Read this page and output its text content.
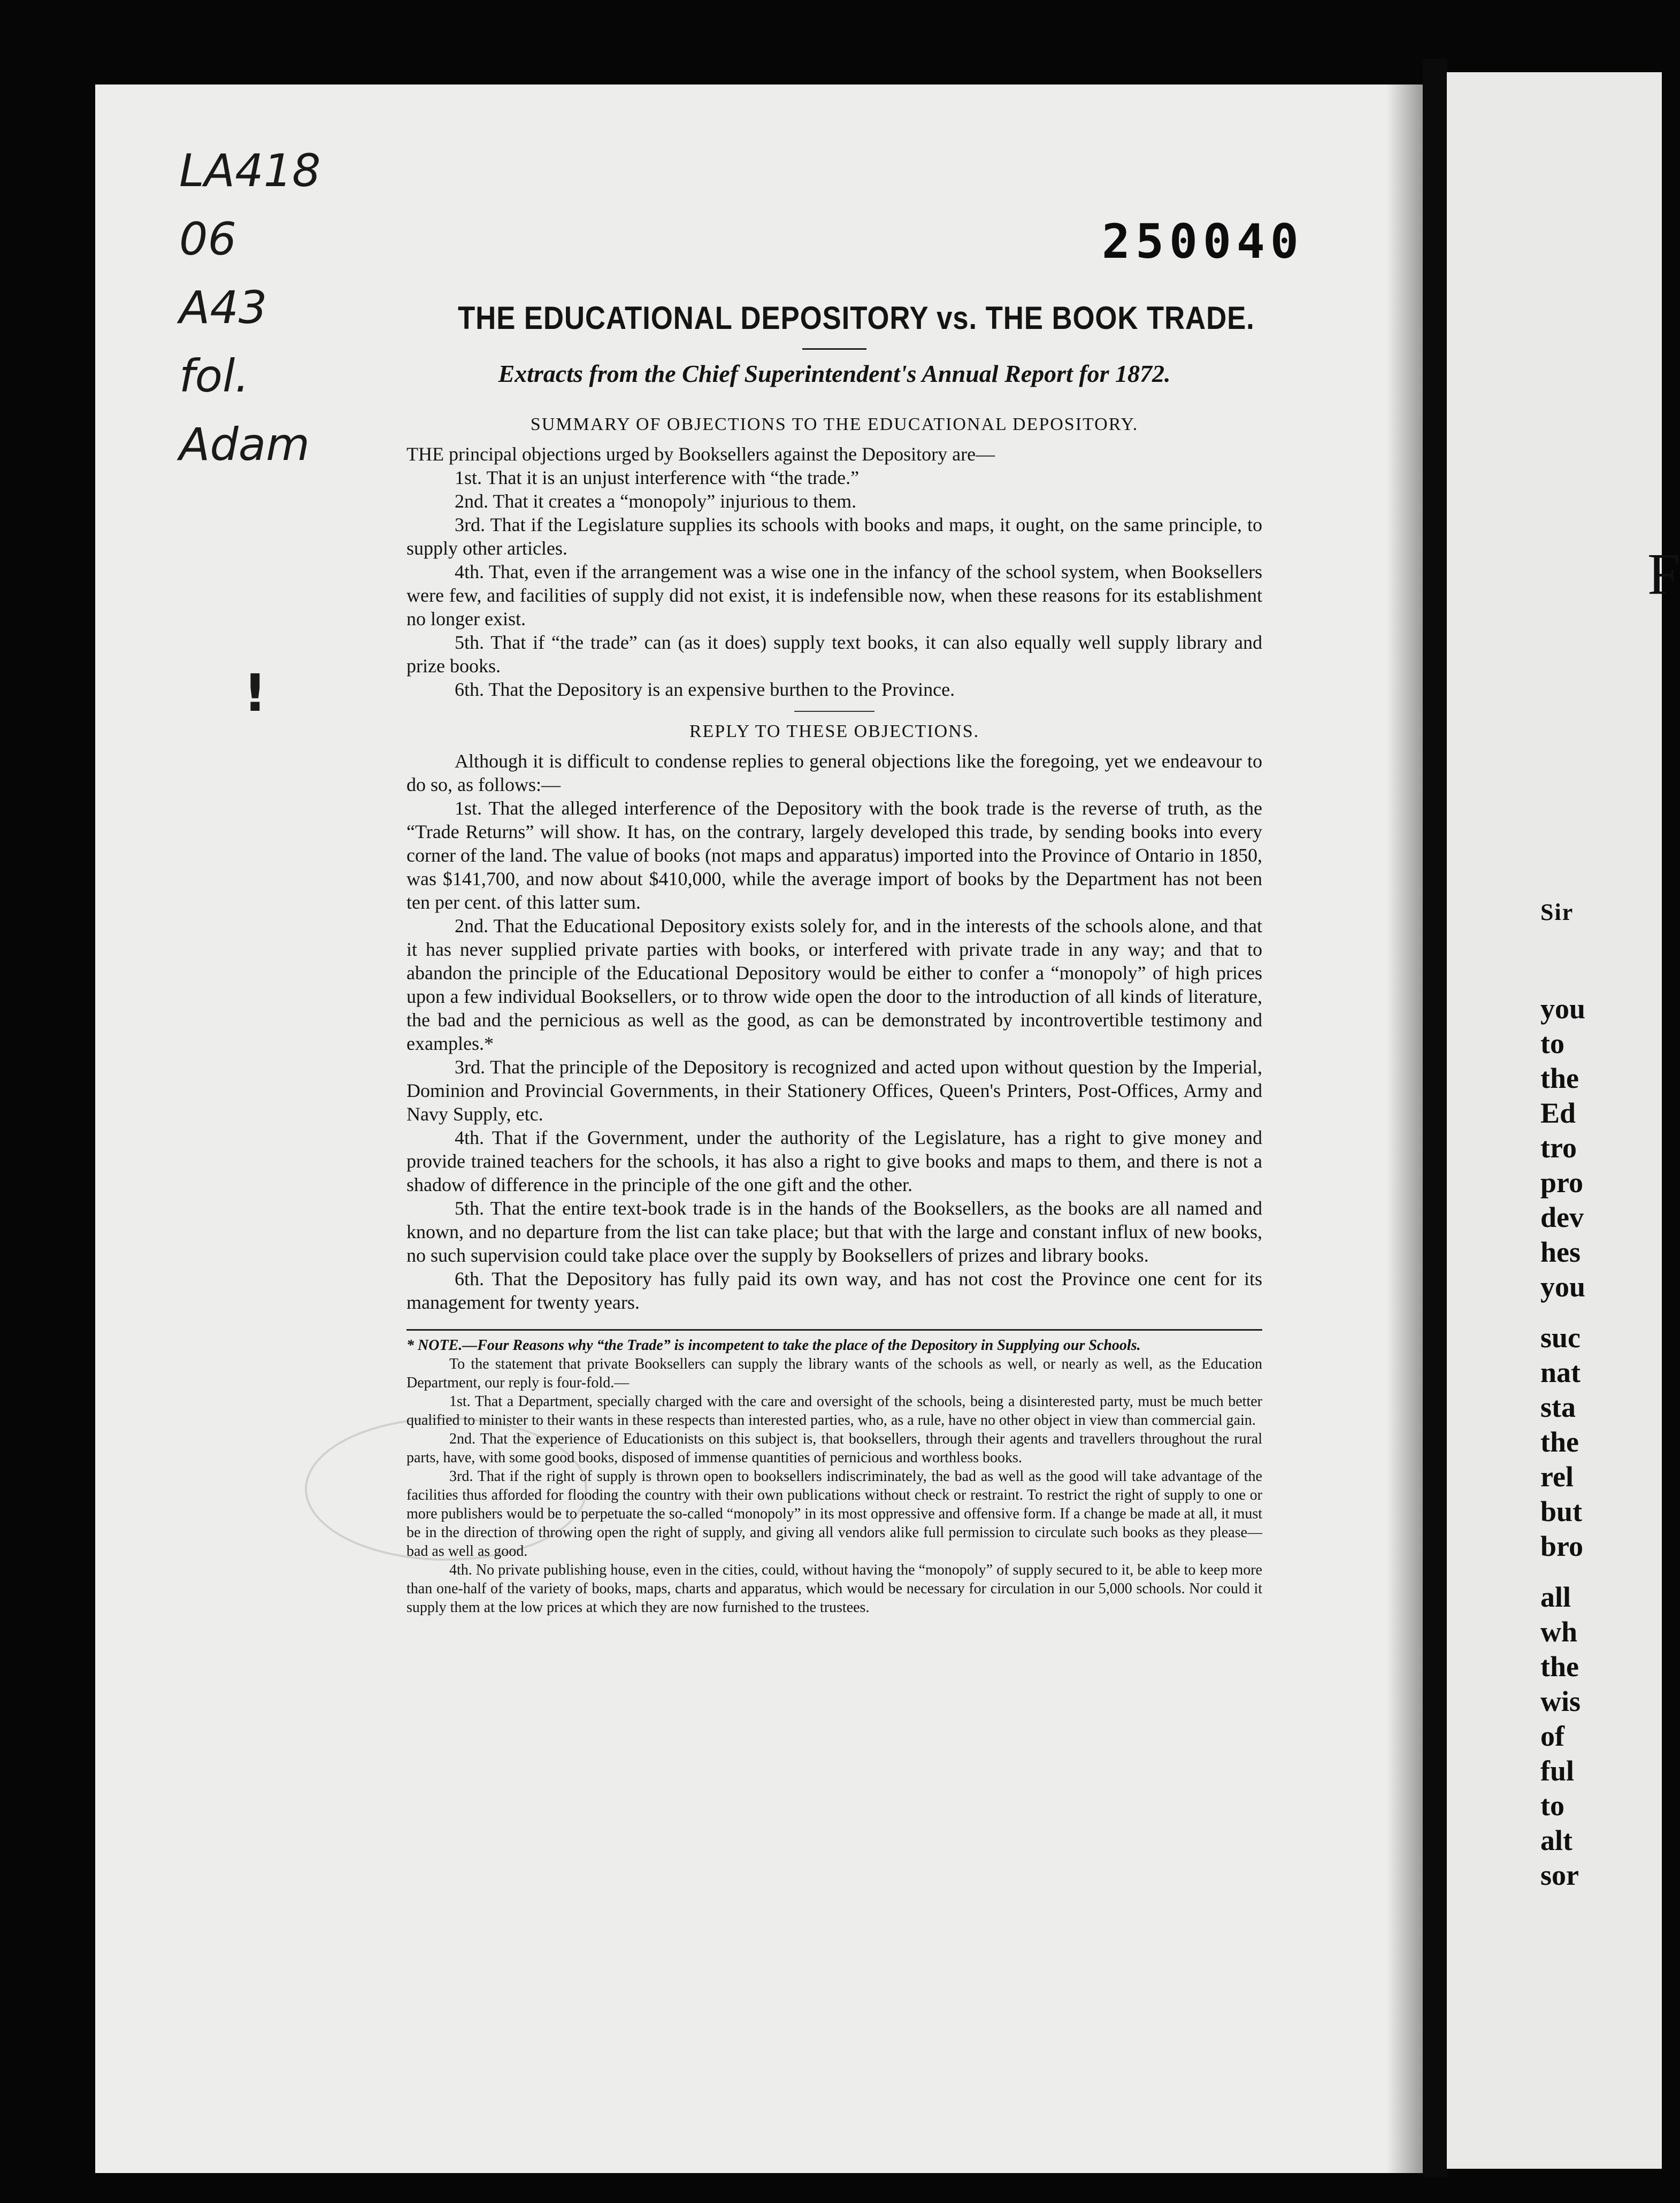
LA418
06
A43
fol.
Adam
!
250040
THE EDUCATIONAL DEPOSITORY vs. THE BOOK TRADE.

Extracts from the Chief Superintendent's Annual Report for 1872.

SUMMARY OF OBJECTIONS TO THE EDUCATIONAL DEPOSITORY.

THE principal objections urged by Booksellers against the Depository are—

1st. That it is an unjust interference with “the trade.”

2nd. That it creates a “monopoly” injurious to them.

3rd. That if the Legislature supplies its schools with books and maps, it ought, on the same principle, to supply other articles.

4th. That, even if the arrangement was a wise one in the infancy of the school system, when Booksellers were few, and facilities of supply did not exist, it is indefensible now, when these reasons for its establishment no longer exist.

5th. That if “the trade” can (as it does) supply text books, it can also equally well supply library and prize books.

6th. That the Depository is an expensive burthen to the Province.

REPLY TO THESE OBJECTIONS.

Although it is difficult to condense replies to general objections like the foregoing, yet we endeavour to do so, as follows:—

1st. That the alleged interference of the Depository with the book trade is the reverse of truth, as the “Trade Returns” will show. It has, on the contrary, largely developed this trade, by sending books into every corner of the land. The value of books (not maps and apparatus) imported into the Province of Ontario in 1850, was $141,700, and now about $410,000, while the average import of books by the Department has not been ten per cent. of this latter sum.

2nd. That the Educational Depository exists solely for, and in the interests of the schools alone, and that it has never supplied private parties with books, or interfered with private trade in any way; and that to abandon the principle of the Educational Depository would be either to confer a “monopoly” of high prices upon a few individual Booksellers, or to throw wide open the door to the introduction of all kinds of literature, the bad and the pernicious as well as the good, as can be demonstrated by incontrovertible testimony and examples.*

3rd. That the principle of the Depository is recognized and acted upon without question by the Imperial, Dominion and Provincial Governments, in their Stationery Offices, Queen's Printers, Post-Offices, Army and Navy Supply, etc.

4th. That if the Government, under the authority of the Legislature, has a right to give money and provide trained teachers for the schools, it has also a right to give books and maps to them, and there is not a shadow of difference in the principle of the one gift and the other.

5th. That the entire text-book trade is in the hands of the Booksellers, as the books are all named and known, and no departure from the list can take place; but that with the large and constant influx of new books, no such supervision could take place over the supply by Booksellers of prizes and library books.

6th. That the Depository has fully paid its own way, and has not cost the Province one cent for its management for twenty years.

* NOTE.—Four Reasons why “the Trade” is incompetent to take the place of the Depository in Supplying our Schools.

To the statement that private Booksellers can supply the library wants of the schools as well, or nearly as well, as the Education Department, our reply is four-fold.—

1st. That a Department, specially charged with the care and oversight of the schools, being a disinterested party, must be much better qualified to minister to their wants in these respects than interested parties, who, as a rule, have no other object in view than commercial gain.

2nd. That the experience of Educationists on this subject is, that booksellers, through their agents and travellers throughout the rural parts, have, with some good books, disposed of immense quantities of pernicious and worthless books.

3rd. That if the right of supply is thrown open to booksellers indiscriminately, the bad as well as the good will take advantage of the facilities thus afforded for flooding the country with their own publications without check or restraint. To restrict the right of supply to one or more publishers would be to perpetuate the so-called “monopoly” in its most oppressive and offensive form. If a change be made at all, it must be in the direction of throwing open the right of supply, and giving all vendors alike full permission to circulate such books as they please—bad as well as good.

4th. No private publishing house, even in the cities, could, without having the “monopoly” of supply secured to it, be able to keep more than one-half of the variety of books, maps, charts and apparatus, which would be necessary for circulation in our 5,000 schools. Nor could it supply them at the low prices at which they are now furnished to the trustees.

F
Sir
you
to
the
Ed
tro
pro
dev
hes
you
suc
nat
sta
the
rel
but
bro
all
wh
the
wis
of
ful
to
alt
sor
